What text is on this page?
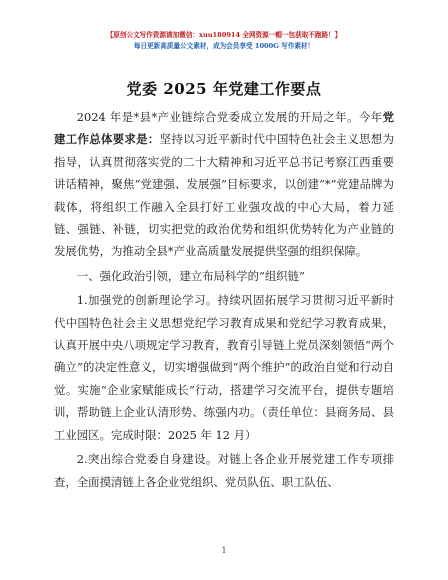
【原创公文写作资源请加微信：xuu180914 全网资源一帽一包获取不跑路！】
每日更新高质量公文素材，成为会员享受 1000G 写作素材！
党委 2025 年党建工作要点

2024 年是*县*产业链综合党委成立发展的开局之年。今年党建工作总体要求是：坚持以习近平新时代中国特色社会主义思想为指导，认真贯彻落实党的二十大精神和习近平总书记考察江西重要讲话精神，聚焦“党建强、发展强”目标要求，以创建“*”党建品牌为载体，将组织工作融入全县打好工业强攻战的中心大局，着力延链、强链、补链，切实把党的政治优势和组织优势转化为产业链的发展优势，为推动全县*产业高质量发展提供坚强的组织保障。

一、强化政治引领，建立布局科学的“组织链”

1.加强党的创新理论学习。持续巩固拓展学习贯彻习近平新时代中国特色社会主义思想党纪学习教育成果和党纪学习教育成果，认真开展中央八项规定学习教育，教育引导链上党员深刻领悟“两个确立”的决定性意义，切实增强做到“两个维护”的政治自觉和行动自觉。实施“企业家赋能成长”行动，搭建学习交流平台，提供专题培训，帮助链上企业认清形势、练强内功。（责任单位：县商务局、县工业园区。完成时限：2025 年 12 月）

2.突出综合党委自身建设。对链上各企业开展党建工作专项排查，全面摸清链上各企业党组织、党员队伍、职工队伍、

1
